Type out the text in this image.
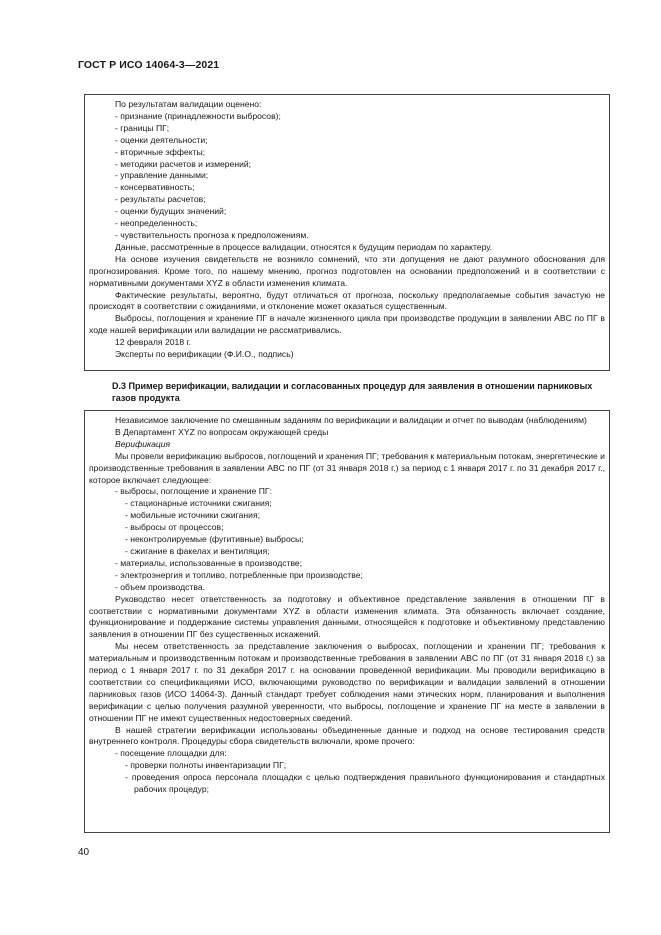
ГОСТ Р ИСО 14064-3—2021

По результатам валидации оценено:

- признание (принадлежности выбросов);

- границы ПГ;

- оценки деятельности;

- вторичные эффекты;

- методики расчетов и измерений;

- управление данными;

- консервативность;

- результаты расчетов;

- оценки будущих значений;

- неопределенность;

- чувствительность прогноза к предположениям.

Данные, рассмотренные в процессе валидации, относятся к будущим периодам по характеру.

На основе изучения свидетельств не возникло сомнений, что эти допущения не дают разумного обоснования для прогнозирования. Кроме того, по нашему мнению, прогноз подготовлен на основании предположений и в соответствии с нормативными документами XYZ в области изменения климата.

Фактические результаты, вероятно, будут отличаться от прогноза, поскольку предполагаемые события зачастую не происходят в соответствии с ожиданиями, и отклонение может оказаться существенным.

Выбросы, поглощения и хранение ПГ в начале жизненного цикла при производстве продукции в заявлении ABC по ПГ в ходе нашей верификации или валидации не рассматривались.

12 февраля 2018 г.

Эксперты по верификации (Ф.И.О., подпись)

D.3 Пример верификации, валидации и согласованных процедур для заявления в отношении парниковых газов продукта

Независимое заключение по смешанным заданиям по верификации и валидации и отчет по выводам (наблюдениям)

В Департамент XYZ по вопросам окружающей среды

Верификация

Мы провели верификацию выбросов, поглощений и хранения ПГ; требования к материальным потокам, энергетические и производственные требования в заявлении ABC по ПГ (от 31 января 2018 г.) за период с 1 января 2017 г. по 31 декабря 2017 г., которое включает следующее:

- выбросы, поглощение и хранение ПГ:

- стационарные источники сжигания;

- мобильные источники сжигания;

- выбросы от процессов;

- неконтролируемые (фугитивные) выбросы;

- сжигание в факелах и вентиляция;

- материалы, использованные в производстве;

- электроэнергия и топливо, потребленные при производстве;

- объем производства.

Руководство несет ответственность за подготовку и объективное представление заявления в отношении ПГ в соответствии с нормативными документами XYZ в области изменения климата. Эта обязанность включает создание, функционирование и поддержание системы управления данными, относящейся к подготовке и объективному представлению заявления в отношении ПГ без существенных искажений.

Мы несем ответственность за представление заключения о выбросах, поглощении и хранении ПГ; требования к материальным и производственным потокам и производственные требования в заявлении ABC по ПГ (от 31 января 2018 г.) за период с 1 января 2017 г. по 31 декабря 2017 г. на основании проведенной верификации. Мы проводили верификацию в соответствии со спецификациями ИСО, включающими руководство по верификации и валидации заявлений в отношении парниковых газов (ИСО 14064-3). Данный стандарт требует соблюдения нами этических норм, планирования и выполнения верификации с целью получения разумной уверенности, что выбросы, поглощение и хранение ПГ на месте в заявлении в отношении ПГ не имеют существенных недостоверных сведений.

В нашей стратегии верификации использованы объединенные данные и подход на основе тестирования средств внутреннего контроля. Процедуры сбора свидетельств включали, кроме прочего:

- посещение площадки для:

- проверки полноты инвентаризации ПГ;

- проведения опроса персонала площадки с целью подтверждения правильного функционирования и стандартных рабочих процедур;

40
